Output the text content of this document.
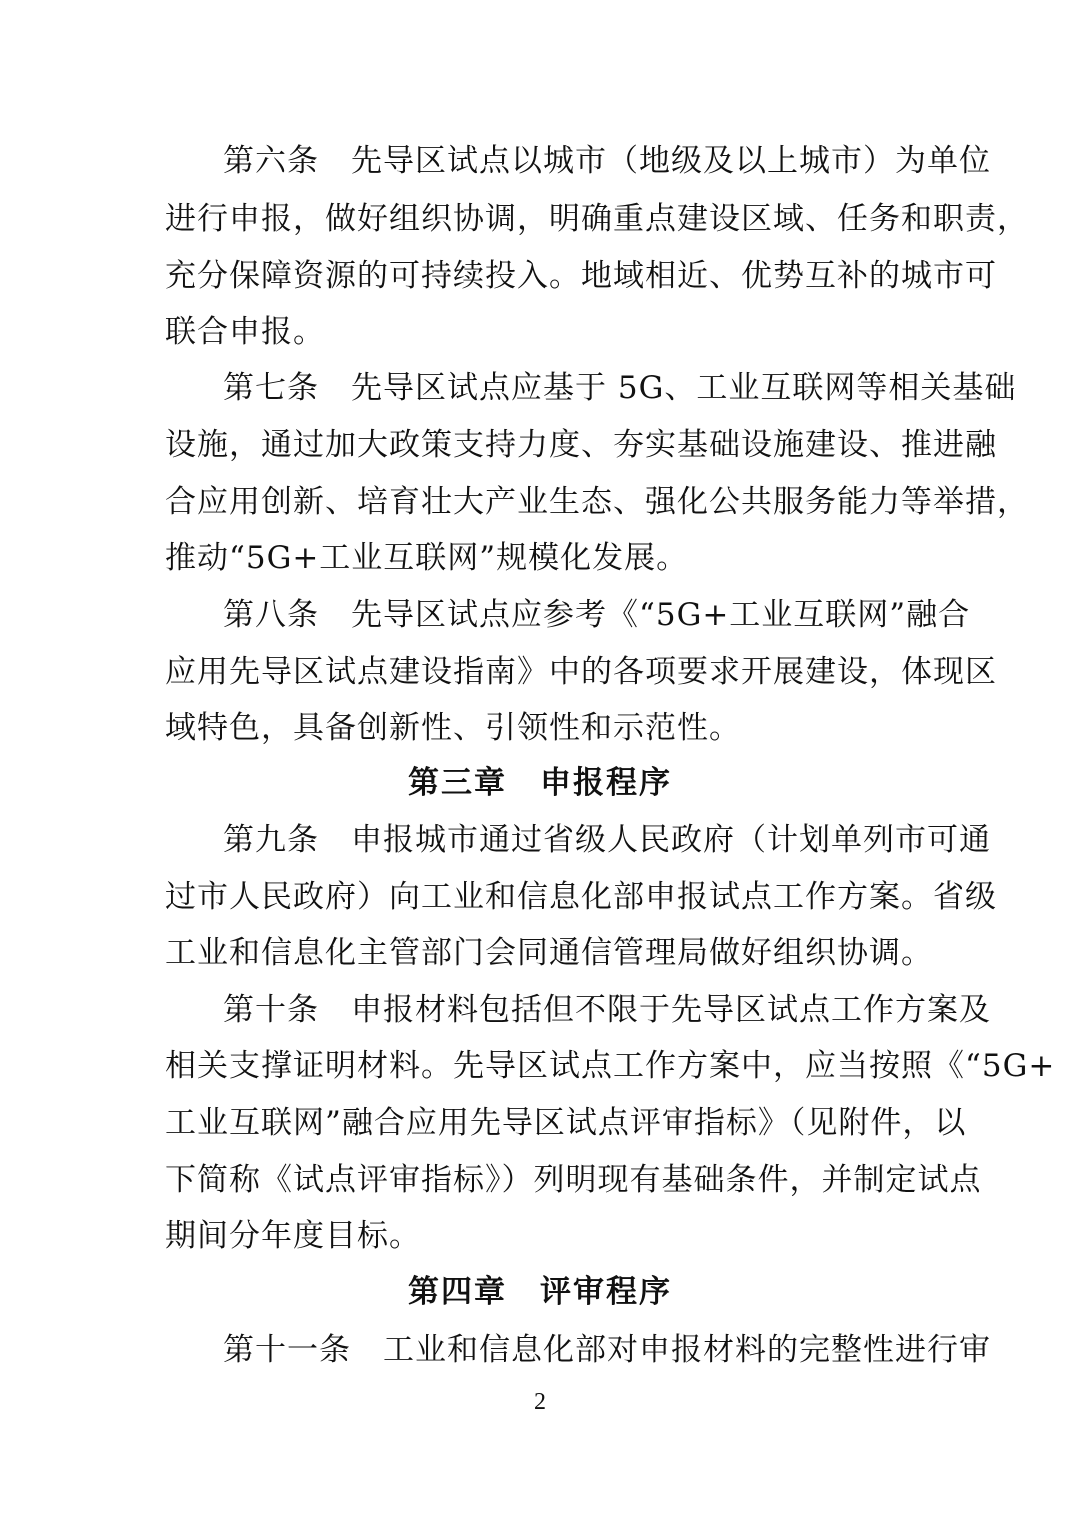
第六条　先导区试点以城市（地级及以上城市）为单位
进行申报，做好组织协调，明确重点建设区域、任务和职责，
充分保障资源的可持续投入。地域相近、优势互补的城市可
联合申报。
第七条　先导区试点应基于 5G、工业互联网等相关基础
设施，通过加大政策支持力度、夯实基础设施建设、推进融
合应用创新、培育壮大产业生态、强化公共服务能力等举措，
推动“5G+工业互联网”规模化发展。
第八条　先导区试点应参考《“5G+工业互联网”融合
应用先导区试点建设指南》中的各项要求开展建设，体现区
域特色，具备创新性、引领性和示范性。
第三章　申报程序
第九条　申报城市通过省级人民政府（计划单列市可通
过市人民政府）向工业和信息化部申报试点工作方案。省级
工业和信息化主管部门会同通信管理局做好组织协调。
第十条　申报材料包括但不限于先导区试点工作方案及
相关支撑证明材料。先导区试点工作方案中，应当按照《“5G+
工业互联网”融合应用先导区试点评审指标》（见附件，以
下简称《试点评审指标》）列明现有基础条件，并制定试点
期间分年度目标。
第四章　评审程序
第十一条　工业和信息化部对申报材料的完整性进行审
2
